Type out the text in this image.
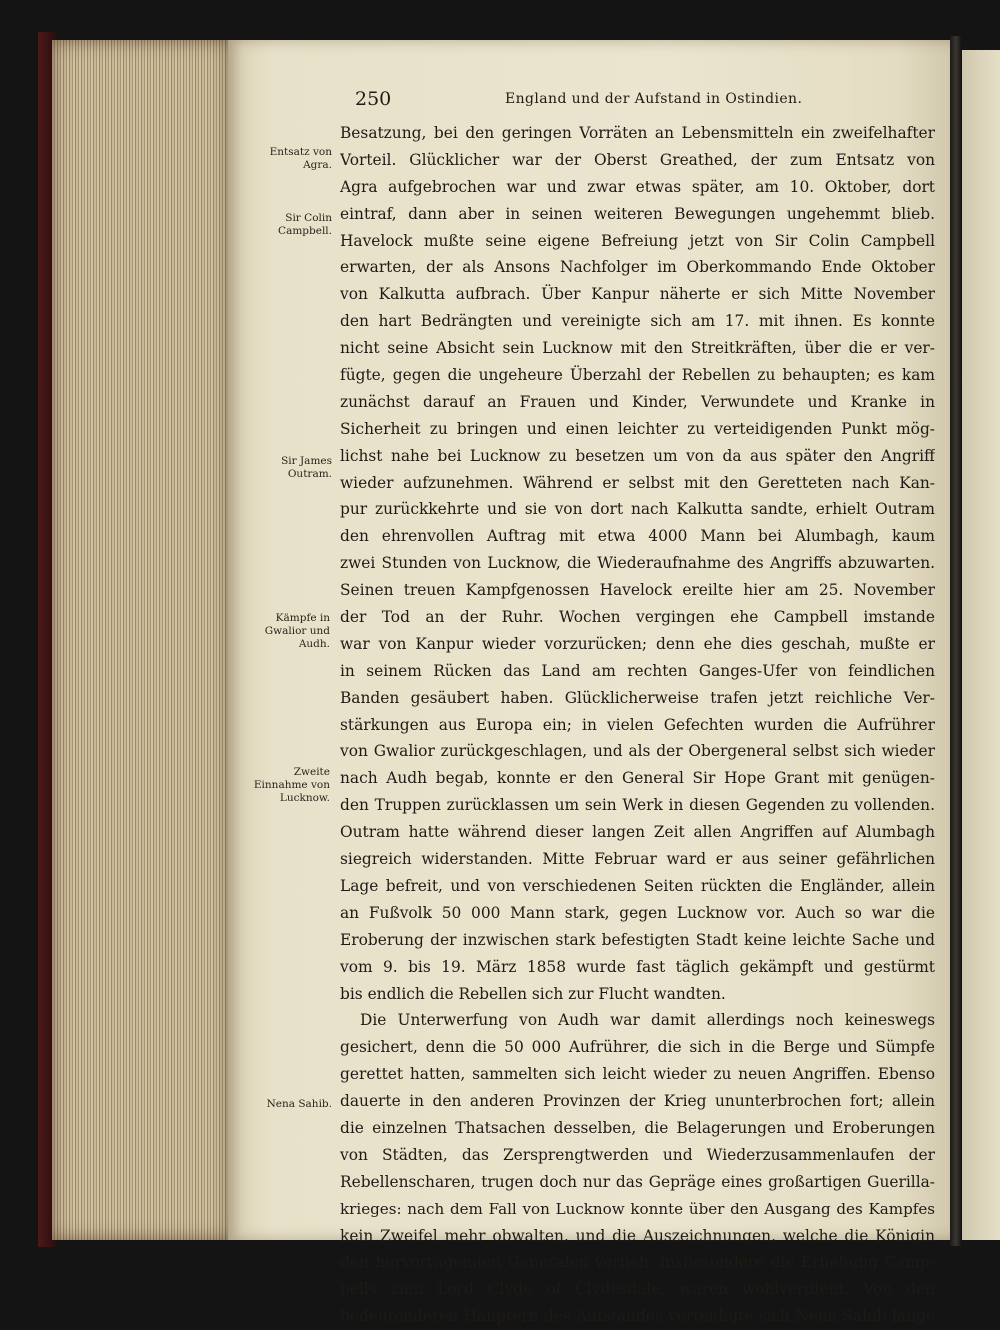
250	England und der Aufstand in Ostindien.
Entsatz von Agra.
Sir Colin Campbell.
Sir James Outram.
Kämpfe in Gwalior und Audh.
Zweite Einnahme von Lucknow.
Nena Sahib.
Besatzung, bei den geringen Vorräten an Lebensmitteln ein zweifelhafter
Vorteil. Glücklicher war der Oberst Greathed, der zum Entsatz von
Agra aufgebrochen war und zwar etwas später, am 10. Oktober, dort
eintraf, dann aber in seinen weiteren Bewegungen ungehemmt blieb.
Havelock mußte seine eigene Befreiung jetzt von Sir Colin Campbell
erwarten, der als Ansons Nachfolger im Oberkommando Ende Oktober
von Kalkutta aufbrach. Über Kanpur näherte er sich Mitte November
den hart Bedrängten und vereinigte sich am 17. mit ihnen. Es konnte
nicht seine Absicht sein Lucknow mit den Streitkräften, über die er ver-
fügte, gegen die ungeheure Überzahl der Rebellen zu behaupten; es kam
zunächst darauf an Frauen und Kinder, Verwundete und Kranke in
Sicherheit zu bringen und einen leichter zu verteidigenden Punkt mög-
lichst nahe bei Lucknow zu besetzen um von da aus später den Angriff
wieder aufzunehmen. Während er selbst mit den Geretteten nach Kan-
pur zurückkehrte und sie von dort nach Kalkutta sandte, erhielt Outram
den ehrenvollen Auftrag mit etwa 4000 Mann bei Alumbagh, kaum
zwei Stunden von Lucknow, die Wiederaufnahme des Angriffs abzuwarten.
Seinen treuen Kampfgenossen Havelock ereilte hier am 25. November
der Tod an der Ruhr. Wochen vergingen ehe Campbell imstande
war von Kanpur wieder vorzurücken; denn ehe dies geschah, mußte er
in seinem Rücken das Land am rechten Ganges-Ufer von feindlichen
Banden gesäubert haben. Glücklicherweise trafen jetzt reichliche Ver-
stärkungen aus Europa ein; in vielen Gefechten wurden die Aufrührer
von Gwalior zurückgeschlagen, und als der Obergeneral selbst sich wieder
nach Audh begab, konnte er den General Sir Hope Grant mit genügen-
den Truppen zurücklassen um sein Werk in diesen Gegenden zu vollenden.
Outram hatte während dieser langen Zeit allen Angriffen auf Alumbagh
siegreich widerstanden. Mitte Februar ward er aus seiner gefährlichen
Lage befreit, und von verschiedenen Seiten rückten die Engländer, allein
an Fußvolk 50 000 Mann stark, gegen Lucknow vor. Auch so war die
Eroberung der inzwischen stark befestigten Stadt keine leichte Sache und
vom 9. bis 19. März 1858 wurde fast täglich gekämpft und gestürmt
bis endlich die Rebellen sich zur Flucht wandten.
Die Unterwerfung von Audh war damit allerdings noch keineswegs
gesichert, denn die 50 000 Aufrührer, die sich in die Berge und Sümpfe
gerettet hatten, sammelten sich leicht wieder zu neuen Angriffen. Ebenso
dauerte in den anderen Provinzen der Krieg ununterbrochen fort; allein
die einzelnen Thatsachen desselben, die Belagerungen und Eroberungen
von Städten, das Zersprengtwerden und Wiederzusammenlaufen der
Rebellenscharen, trugen doch nur das Gepräge eines großartigen Guerilla-
krieges: nach dem Fall von Lucknow konnte über den Ausgang des Kampfes
kein Zweifel mehr obwalten, und die Auszeichnungen, welche die Königin
den hervorragenden Generalen verlieh, insbesondere die Erhebung Camp-
bells zum Lord Clyde of Clydesdale, waren wohlverdient. Von den
bedeutenderen Häuptern des Aufstandes verteidigte sich Nena Sahib lange
